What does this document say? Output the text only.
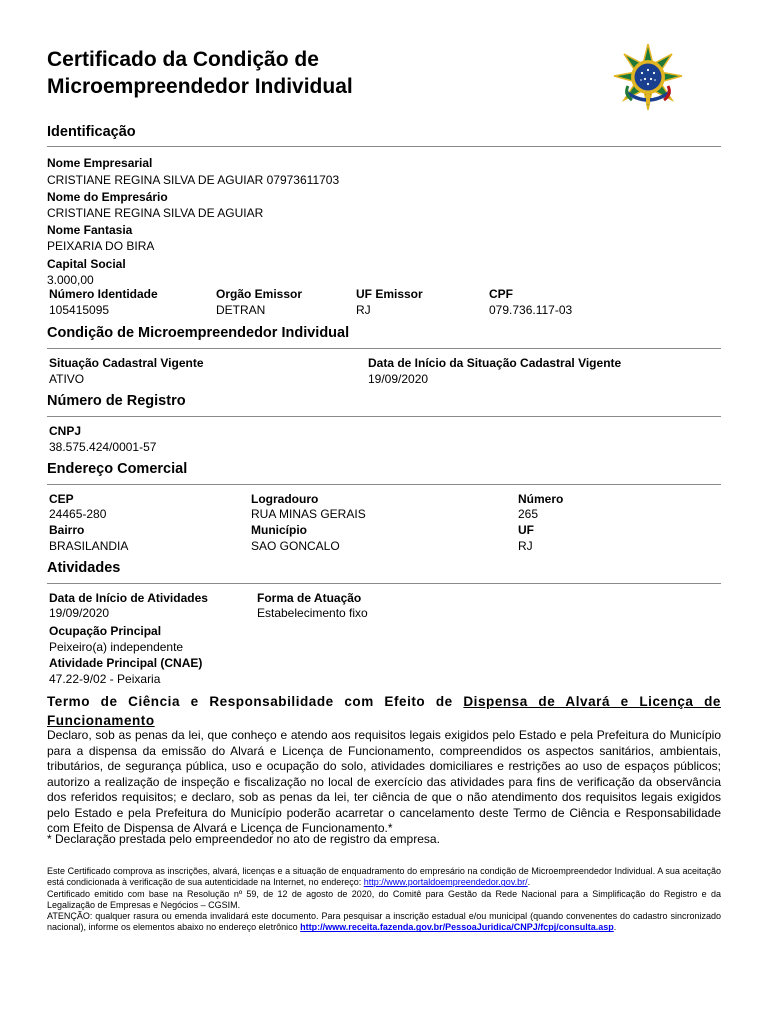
Certificado da Condição de
Microempreendedor Individual
Identificação
Nome Empresarial
CRISTIANE REGINA SILVA DE AGUIAR 07973611703
Nome do Empresário
CRISTIANE REGINA SILVA DE AGUIAR
Nome Fantasia
PEIXARIA DO BIRA
Capital Social
3.000,00
Número Identidade
105415095
Orgão Emissor
DETRAN
UF Emissor
RJ
CPF
079.736.117-03
Condição de Microempreendedor Individual
Situação Cadastral Vigente
ATIVO
Data de Início da Situação Cadastral Vigente
19/09/2020
Número de Registro
CNPJ
38.575.424/0001-57
Endereço Comercial
CEP
24465-280
Logradouro
RUA MINAS GERAIS
Número
265
Bairro
BRASILANDIA
Município
SAO GONCALO
UF
RJ
Atividades
Data de Início de Atividades
19/09/2020
Forma de Atuação
Estabelecimento fixo
Ocupação Principal
Peixeiro(a) independente
Atividade Principal (CNAE)
47.22-9/02 - Peixaria
Termo de Ciência e Responsabilidade com Efeito de Dispensa de Alvará e Licença de Funcionamento

Declaro, sob as penas da lei, que conheço e atendo aos requisitos legais exigidos pelo Estado e pela Prefeitura do Município para a dispensa da emissão do Alvará e Licença de Funcionamento, compreendidos os aspectos sanitários, ambientais, tributários, de segurança pública, uso e ocupação do solo, atividades domiciliares e restrições ao uso de espaços públicos; autorizo a realização de inspeção e fiscalização no local de exercício das atividades para fins de verificação da observância dos referidos requisitos; e declaro, sob as penas da lei, ter ciência de que o não atendimento dos requisitos legais exigidos pelo Estado e pela Prefeitura do Município poderão acarretar o cancelamento deste Termo de Ciência e Responsabilidade com Efeito de Dispensa de Alvará e Licença de Funcionamento.*

* Declaração prestada pelo empreendedor no ato de registro da empresa.

Este Certificado comprova as inscrições, alvará, licenças e a situação de enquadramento do empresário na condição de Microempreendedor Individual. A sua aceitação está condicionada à verificação de sua autenticidade na Internet, no endereço: http://www.portaldoempreendedor.gov.br/.
Certificado emitido com base na Resolução nº 59, de 12 de agosto de 2020, do Comitê para Gestão da Rede Nacional para a Simplificação do Registro e da Legalização de Empresas e Negócios – CGSIM.
ATENÇÃO: qualquer rasura ou emenda invalidará este documento. Para pesquisar a inscrição estadual e/ou municipal (quando convenentes do cadastro sincronizado nacional), informe os elementos abaixo no endereço eletrônico http://www.receita.fazenda.gov.br/PessoaJuridica/CNPJ/fcpj/consulta.asp.
